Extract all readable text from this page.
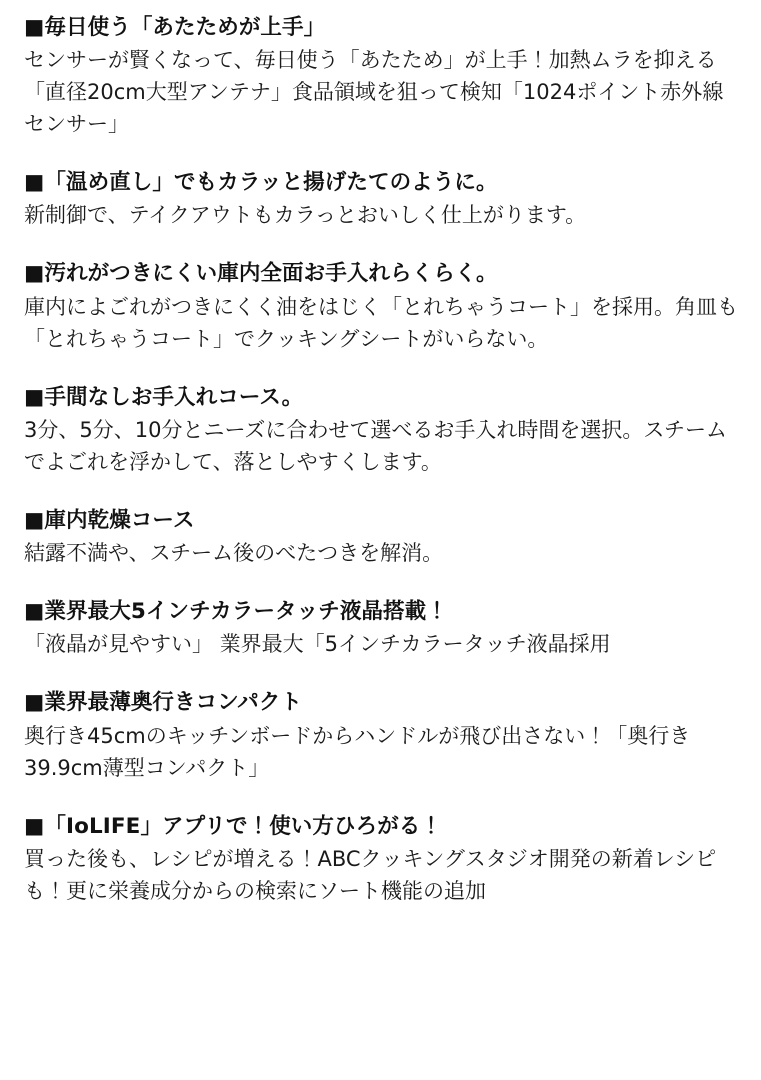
■毎日使う「あたためが上手」

センサーが賢くなって、毎日使う「あたため」が上手！加熱ムラを抑える「直径20cm大型アンテナ」食品領域を狙って検知「1024ポイント赤外線センサー」

■「温め直し」でもカラッと揚げたてのように。

新制御で、テイクアウトもカラっとおいしく仕上がります。

■汚れがつきにくい庫内全面お手入れらくらく。

庫内によごれがつきにくく油をはじく「とれちゃうコート」を採用。角皿も「とれちゃうコート」でクッキングシートがいらない。

■手間なしお手入れコース。

3分、5分、10分とニーズに合わせて選べるお手入れ時間を選択。スチームでよごれを浮かして、落としやすくします。

■庫内乾燥コース

結露不満や、スチーム後のべたつきを解消。

■業界最大5インチカラータッチ液晶搭載！

「液晶が見やすい」 業界最大「5インチカラータッチ液晶採用

■業界最薄奥行きコンパクト

奥行き45cmのキッチンボードからハンドルが飛び出さない！「奥行き39.9cm薄型コンパクト」

■「IoLIFE」アプリで！使い方ひろがる！

買った後も、レシピが増える！ABCクッキングスタジオ開発の新着レシピも！更に栄養成分からの検索にソート機能の追加
